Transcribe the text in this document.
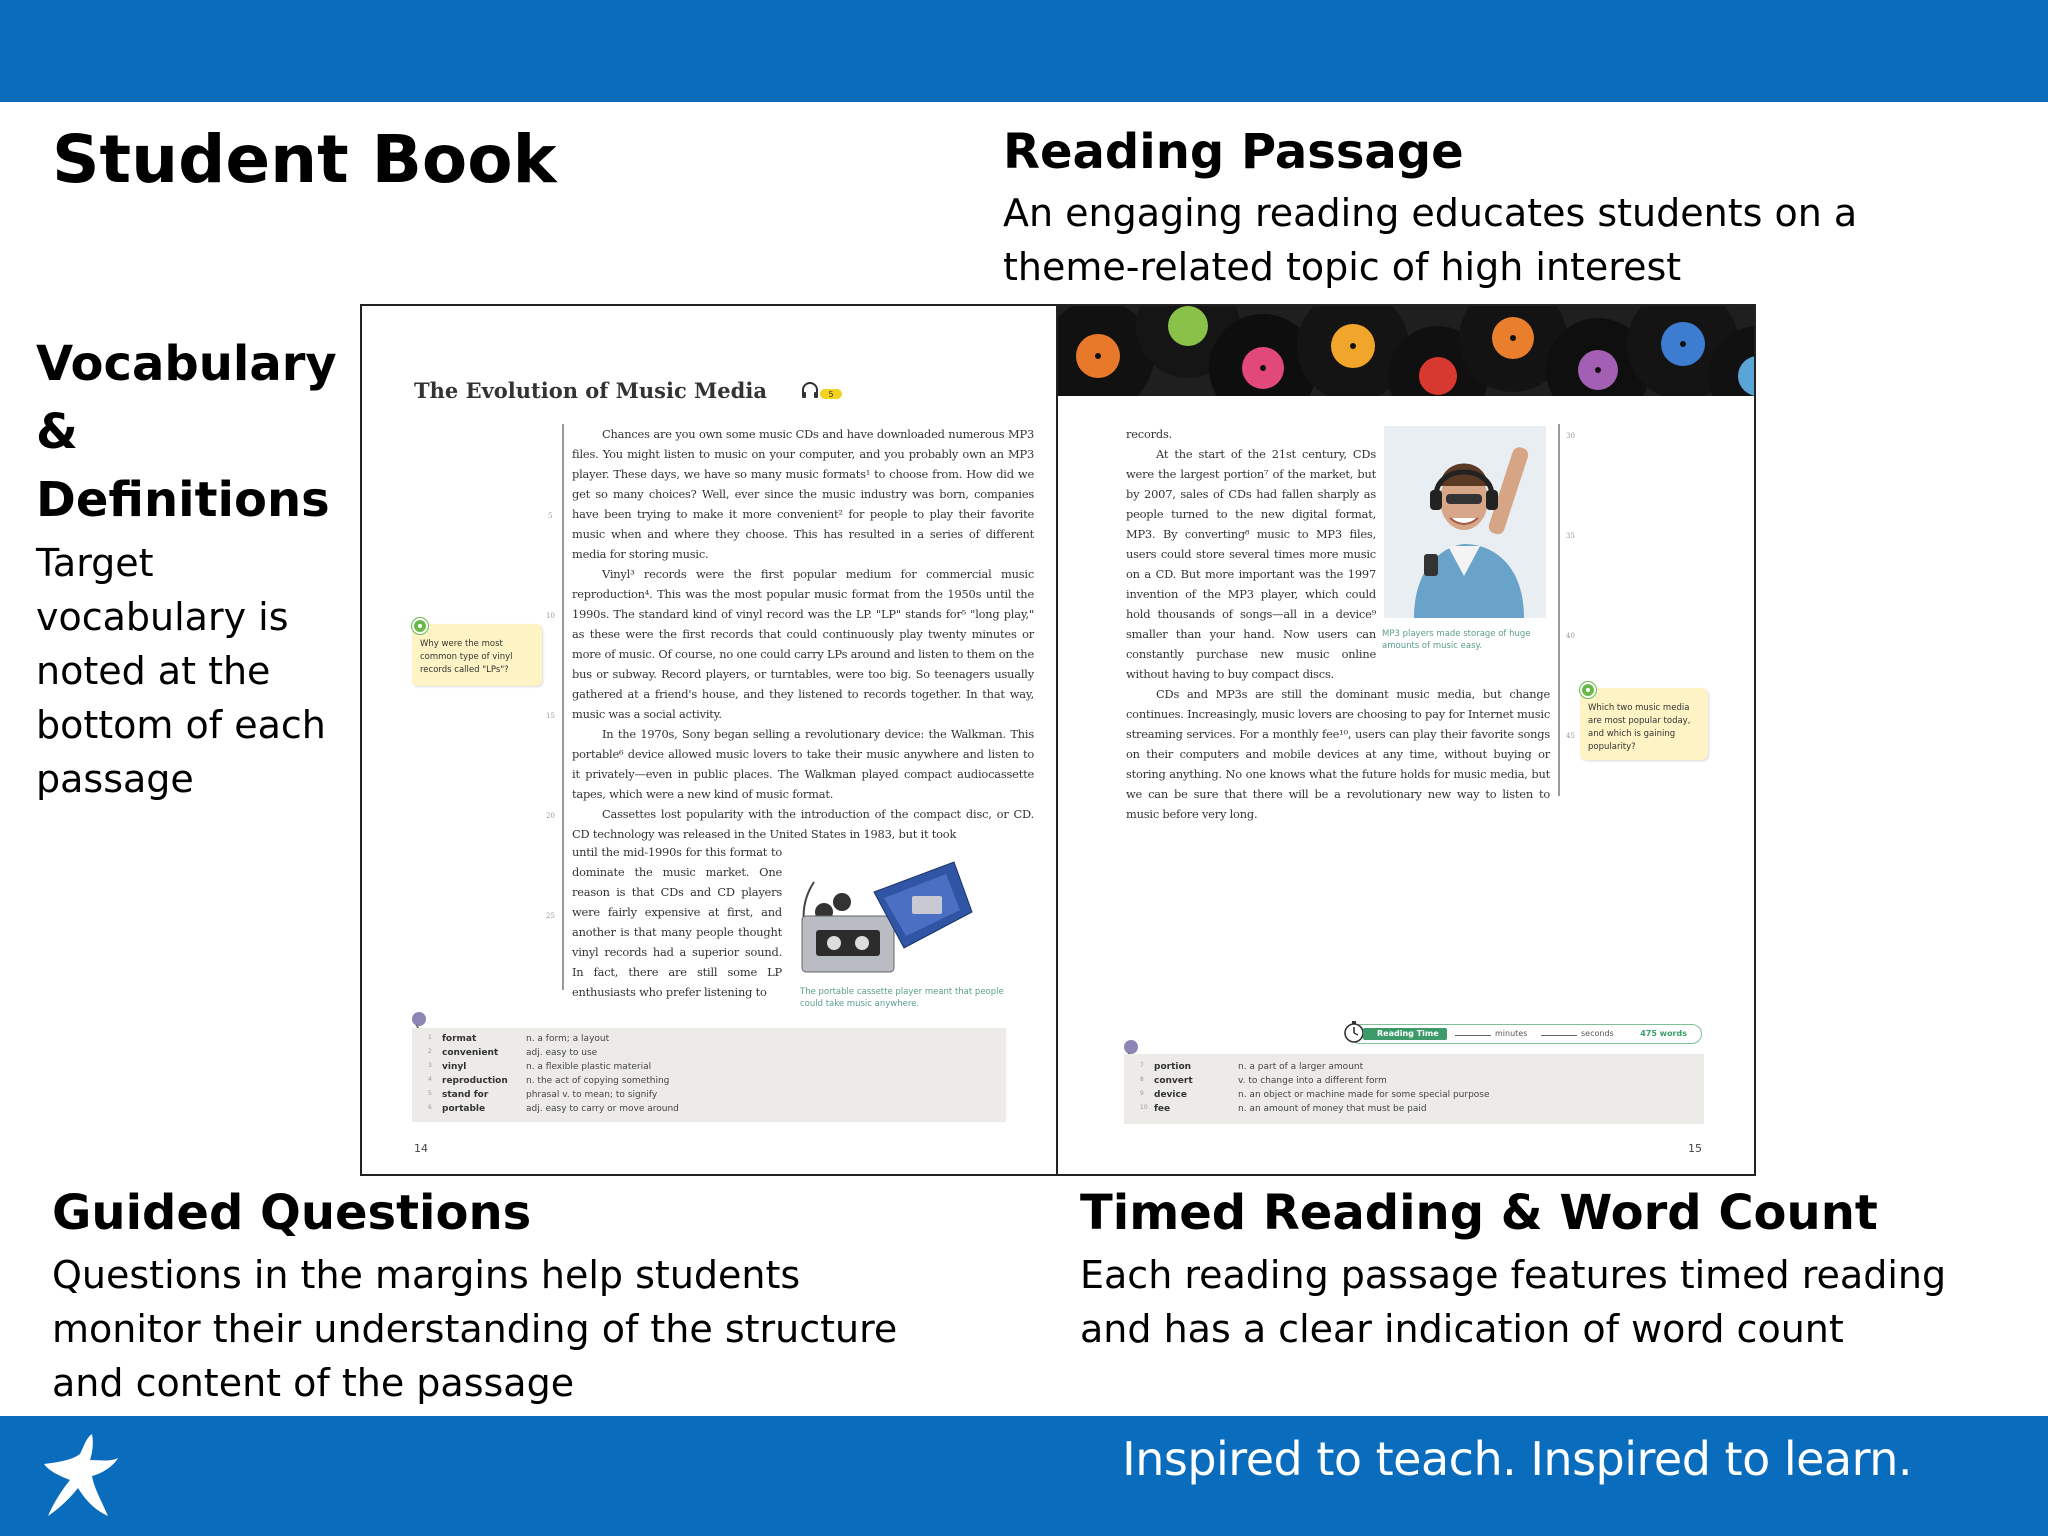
Student Book	Reading Passage
An engaging reading educates students on a theme-related topic of high interest
Vocabulary & Definitions
Target vocabulary is noted at the bottom of each passage
Guided Questions
Questions in the margins help students monitor their understanding of the structure and content of the passage
Timed Reading & Word Count
Each reading passage features timed reading and has a clear indication of word count
The Evolution of Music Media	5
5
10
15
20
25

Chances are you own some music CDs and have downloaded numerous MP3 files. You might listen to music on your computer, and you probably own an MP3 player. These days, we have so many music formats¹ to choose from. How did we get so many choices? Well, ever since the music industry was born, companies have been trying to make it more convenient² for people to play their favorite music when and where they choose. This has resulted in a series of different media for storing music.

Vinyl³ records were the first popular medium for commercial music reproduction⁴. This was the most popular music format from the 1950s until the 1990s. The standard kind of vinyl record was the LP. "LP" stands for⁵ "long play," as these were the first records that could continuously play twenty minutes or more of music. Of course, no one could carry LPs around and listen to them on the bus or subway. Record players, or turntables, were too big. So teenagers usually gathered at a friend's house, and they listened to records together. In that way, music was a social activity.

In the 1970s, Sony began selling a revolutionary device: the Walkman. This portable⁶ device allowed music lovers to take their music anywhere and listen to it privately—even in public places. The Walkman played compact audiocassette tapes, which were a new kind of music format.

Cassettes lost popularity with the introduction of the compact disc, or CD. CD technology was released in the United States in 1983, but it took

until the mid-1990s for this format to dominate the music market. One reason is that CDs and CD players were fairly expensive at first, and another is that many people thought vinyl records had a superior sound. In fact, there are still some LP enthusiasts who prefer listening to

Why were the most common type of vinyl records called "LPs"?
The portable cassette player meant that people could take music anywhere.
1 format	n. a form; a layout
2 convenient	adj. easy to use
3 vinyl	n. a flexible plastic material
4 reproduction n. the act of copying something
5 stand for	phrasal v. to mean; to signify
6 portable	adj. easy to carry or move around
14
30
35
40
45

records.

At the start of the 21st century, CDs were the largest portion⁷ of the market, but by 2007, sales of CDs had fallen sharply as people turned to the new digital format, MP3. By converting⁸ music to MP3 files, users could store several times more music on a CD. But more important was the 1997 invention of the MP3 player, which could hold thousands of songs—all in a device⁹ smaller than your hand. Now users can constantly purchase new music online without having to buy compact discs.

CDs and MP3s are still the dominant music media, but change continues. Increasingly, music lovers are choosing to pay for Internet music streaming services. For a monthly fee¹⁰, users can play their favorite songs on their computers and mobile devices at any time, without buying or storing anything. No one knows what the future holds for music media, but we can be sure that there will be a revolutionary new way to listen to music before very long.

MP3 players made storage of huge amounts of music easy.
Which two music media are most popular today, and which is gaining popularity?
Reading Time	minutes	seconds	475 words
7 portion	n. a part of a larger amount
8 convert	v. to change into a different form
9 device	n. an object or machine made for some special purpose
10 fee	n. an amount of money that must be paid
15
Inspired to teach. Inspired to learn.
